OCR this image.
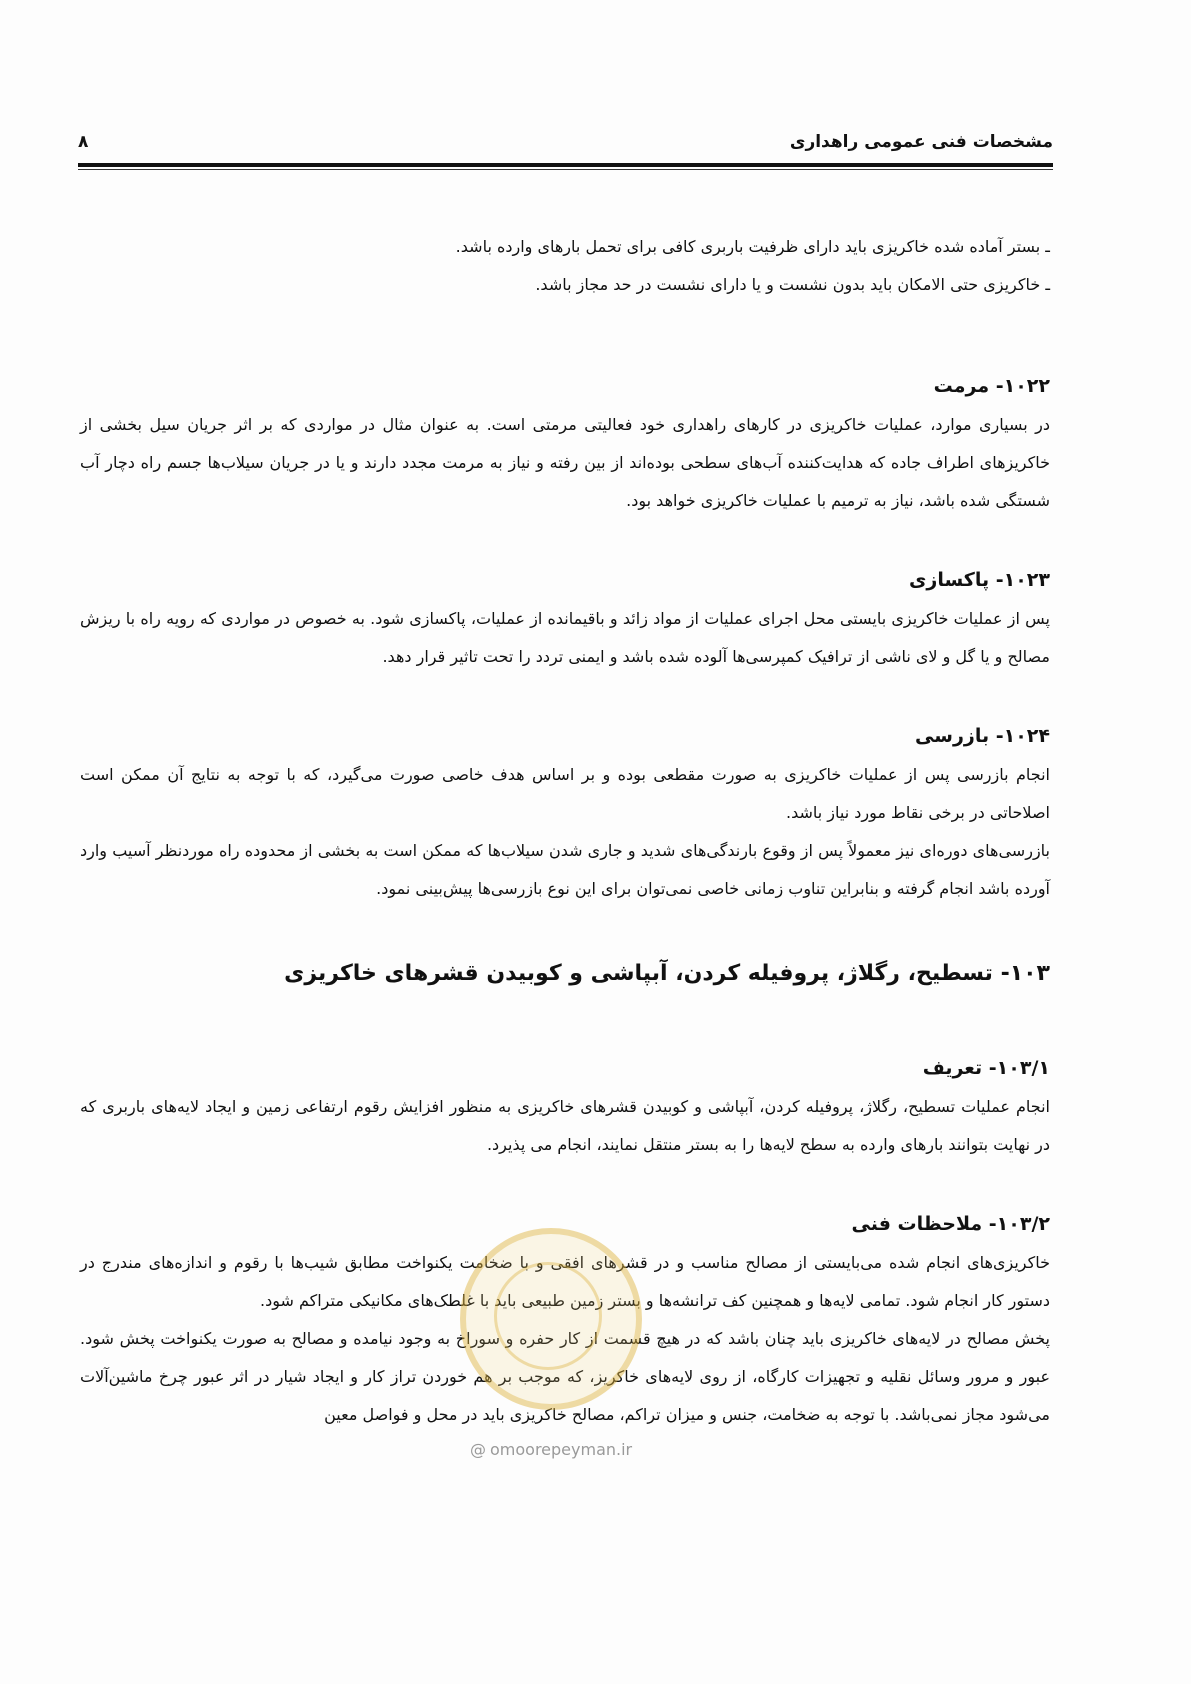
مشخصات فنی عمومی راهداری
۸

ـ بستر آماده شده خاکریزی باید دارای ظرفیت باربری کافی برای تحمل بارهای وارده باشد.

ـ خاکریزی حتی الامکان باید بدون نشست و یا دارای نشست در حد مجاز باشد.

۱۰۲۲- مرمت

در بسیاری موارد، عملیات خاکریزی در کارهای راهداری خود فعالیتی مرمتی است. به عنوان مثال در مواردی که بر اثر جریان سیل بخشی از خاکریزهای اطراف جاده که هدایت‌کننده آب‌های سطحی بوده‌اند از بین رفته و نیاز به مرمت مجدد دارند و یا در جریان سیلاب‌ها جسم راه دچار آب شستگی شده باشد، نیاز به ترمیم با عملیات خاکریزی خواهد بود.

۱۰۲۳- پاکسازی

پس از عملیات خاکریزی بایستی محل اجرای عملیات از مواد زائد و باقیمانده از عملیات، پاکسازی شود. به خصوص در مواردی که رویه راه با ریزش مصالح و یا گل و لای ناشی از ترافیک کمپرسی‌ها آلوده شده باشد و ایمنی تردد را تحت تاثیر قرار دهد.

۱۰۲۴- بازرسی

انجام بازرسی پس از عملیات خاکریزی به صورت مقطعی بوده و بر اساس هدف خاصی صورت می‌گیرد، که با توجه به نتایج آن ممکن است اصلاحاتی در برخی نقاط مورد نیاز باشد.

بازرسی‌های دوره‌ای نیز معمولاً پس از وقوع بارندگی‌های شدید و جاری شدن سیلاب‌ها که ممکن است به بخشی از محدوده راه موردنظر آسیب وارد آورده باشد انجام گرفته و بنابراین تناوب زمانی خاصی نمی‌توان برای این نوع بازرسی‌ها پیش‌بینی نمود.

۱۰۳- تسطیح، رگلاژ، پروفیله کردن، آبپاشی و کوبیدن قشرهای خاکریزی
۱۰۳/۱- تعریف

انجام عملیات تسطیح، رگلاژ، پروفیله کردن، آبپاشی و کوبیدن قشرهای خاکریزی به منظور افزایش رقوم ارتفاعی زمین و ایجاد لایه‌های باربری که در نهایت بتوانند بارهای وارده به سطح لایه‌ها را به بستر منتقل نمایند، انجام می پذیرد.

۱۰۳/۲- ملاحظات فنی

خاکریزی‌های انجام شده می‌بایستی از مصالح مناسب و در قشرهای افقی و با ضخامت یکنواخت مطابق شیب‌ها با رقوم و اندازه‌های مندرج در دستور کار انجام شود. تمامی لایه‌ها و همچنین کف ترانشه‌ها و بستر زمین طبیعی باید با غلطک‌های مکانیکی متراکم شود.

پخش مصالح در لایه‌های خاکریزی باید چنان باشد که در هیچ قسمت از کار حفره و سوراخ به وجود نیامده و مصالح به صورت یکنواخت پخش شود. عبور و مرور وسائل نقلیه و تجهیزات کارگاه، از روی لایه‌های خاکریز، که موجب بر هم خوردن تراز کار و ایجاد شیار در اثر عبور چرخ ماشین‌آلات می‌شود مجاز نمی‌باشد. با توجه به ضخامت، جنس و میزان تراکم، مصالح خاکریزی باید در محل و فواصل معین

@ omoorepeyman.ir
